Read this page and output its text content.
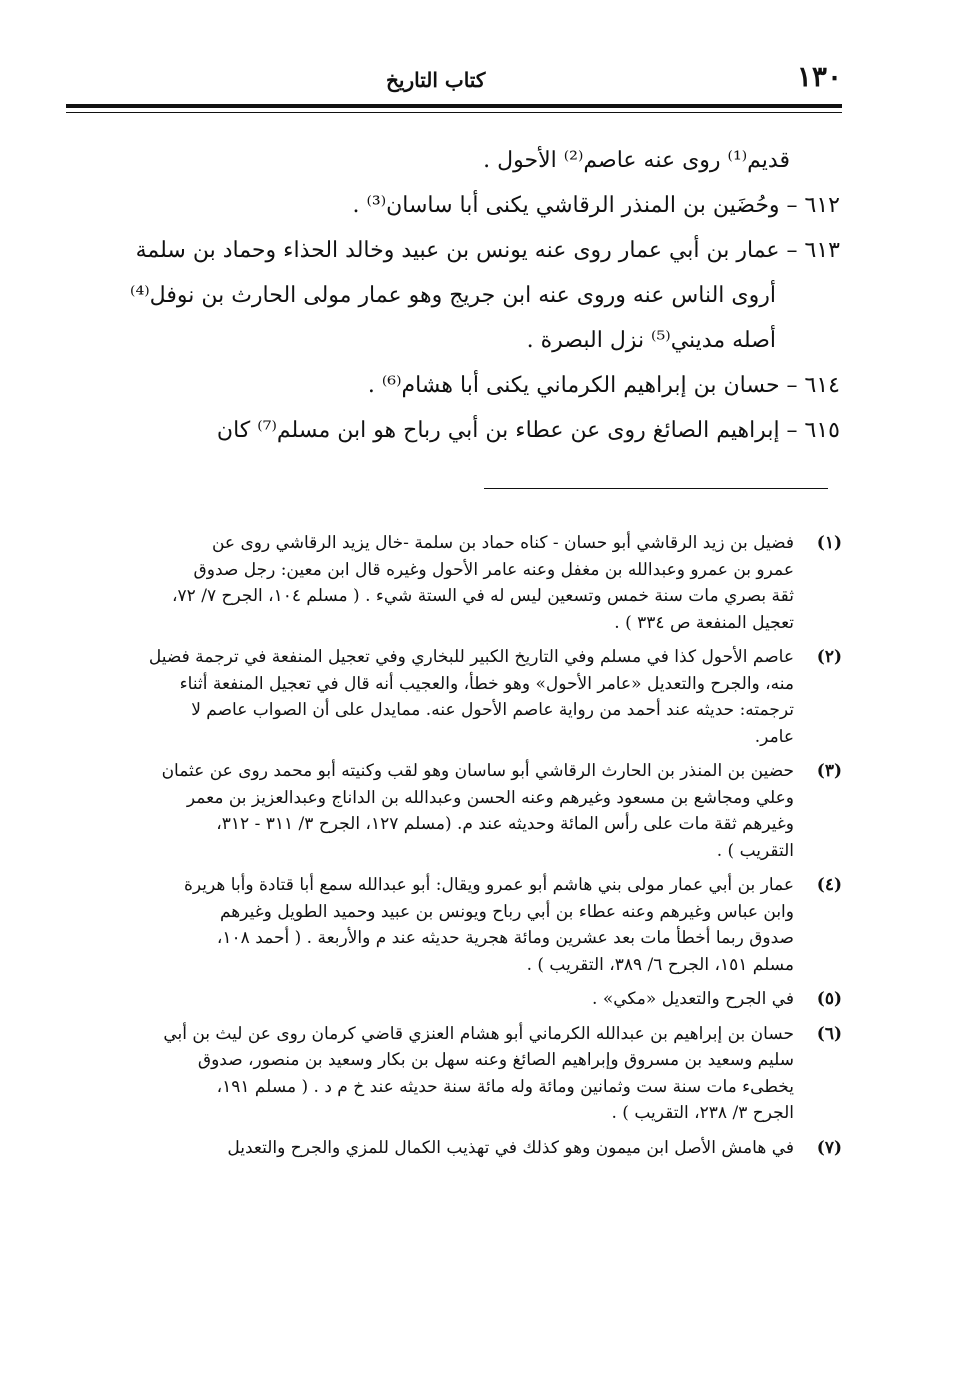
١٣٠
كتاب التاريخ
قديم⁽¹⁾ روى عنه عاصم⁽²⁾ الأحول .
٦١٢ – وحُضَين بن المنذر الرقاشي يكنى أبا ساسان⁽³⁾ .
٦١٣ – عمار بن أبي عمار روى عنه يونس بن عبيد وخالد الحذاء وحماد بن سلمة
أروى الناس عنه وروى عنه ابن جريج وهو عمار مولى الحارث بن نوفل⁽⁴⁾
أصله مديني⁽⁵⁾ نزل البصرة .
٦١٤ – حسان بن إبراهيم الكرماني يكنى أبا هشام⁽⁶⁾ .
٦١٥ – إبراهيم الصائغ روى عن عطاء بن أبي رباح هو ابن مسلم⁽⁷⁾ كان
(١)
فضيل بن زيد الرقاشي أبو حسان - كناه حماد بن سلمة -خال يزيد الرقاشي روى عن
عمرو بن عمرو وعبدالله بن مغفل وعنه عامر الأحول وغيره قال ابن معين: رجل صدوق
ثقة بصري مات سنة خمس وتسعين ليس له في الستة شيء . ( مسلم ١٠٤، الجرح ٧/ ٧٢،
تعجيل المنفعة ص ٣٣٤ ) .
(٢)
عاصم الأحول كذا في مسلم وفي التاريخ الكبير للبخاري وفي تعجيل المنفعة في ترجمة فضيل
منه، والجرح والتعديل «عامر الأحول» وهو خطأ، والعجيب أنه قال في تعجيل المنفعة أثناء
ترجمته: حديثه عند أحمد من رواية عاصم الأحول عنه. ممايدل على أن الصواب عاصم لا
عامر.
(٣)
حضين بن المنذر بن الحارث الرقاشي أبو ساسان وهو لقب وكنيته أبو محمد روى عن عثمان
وعلي ومجاشع بن مسعود وغيرهم وعنه الحسن وعبدالله بن الداناج وعبدالعزيز بن معمر
وغيرهم ثقة مات على رأس المائة وحديثه عند م. (مسلم ١٢٧، الجرح ٣/ ٣١١ - ٣١٢،
التقريب ) .
(٤)
عمار بن أبي عمار مولى بني هاشم أبو عمرو ويقال: أبو عبدالله سمع أبا قتادة وأبا هريرة
وابن عباس وغيرهم وعنه عطاء بن أبي رباح ويونس بن عبيد وحميد الطويل وغيرهم
صدوق ربما أخطأ مات بعد عشرين ومائة هجرية حديثه عند م والأربعة . ( أحمد ١٠٨،
مسلم ١٥١، الجرح ٦/ ٣٨٩، التقريب ) .
(٥)
في الجرح والتعديل «مكي» .
(٦)
حسان بن إبراهيم بن عبدالله الكرماني أبو هشام العنزي قاضي كرمان روى عن ليث بن أبي
سليم وسعيد بن مسروق وإبراهيم الصائغ وعنه سهل بن بكار وسعيد بن منصور، صدوق
يخطىء مات سنة ست وثمانين ومائة وله مائة سنة حديثه عند خ م د . ( مسلم ١٩١،
الجرح ٣/ ٢٣٨، التقريب ) .
(٧)
في هامش الأصل ابن ميمون وهو كذلك في تهذيب الكمال للمزي والجرح والتعديل
